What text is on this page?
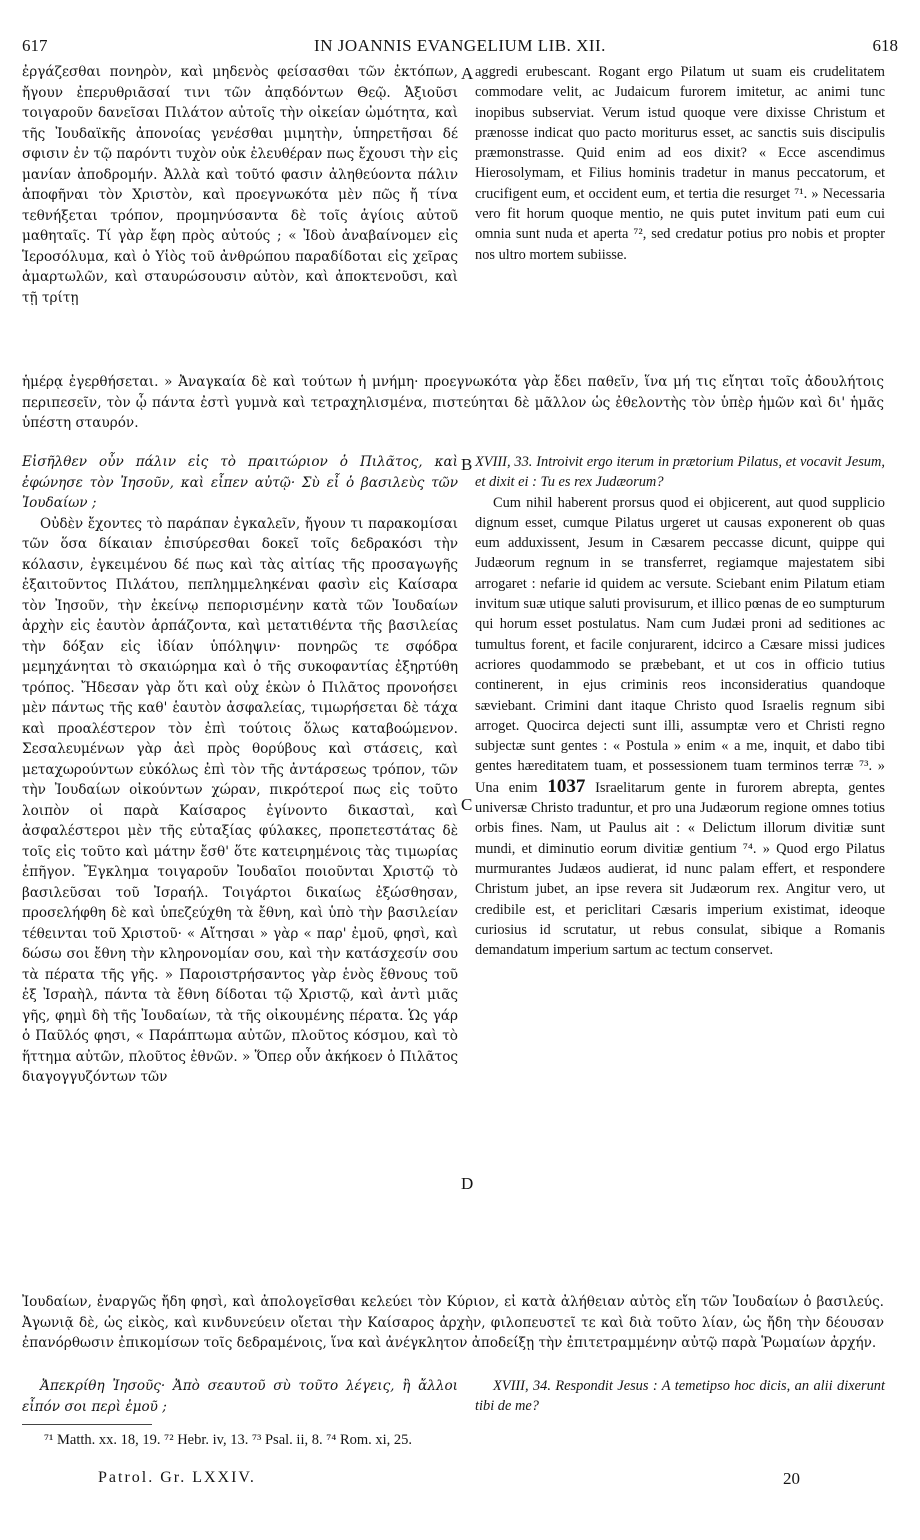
617	IN JOANNIS EVANGELIUM LIB. XII.	618

ἐργάζεσθαι πονηρὸν, καὶ μηδενὸς φείσασθαι τῶν ἐκτόπων, ἤγουν ἐπερυθριᾶσαί τινι τῶν ἀπᾳδόντων Θεῷ. Ἀξιοῦσι τοιγαροῦν δανεῖσαι Πιλάτον αὐτοῖς τὴν οἰκείαν ὠμότητα, καὶ τῆς Ἰουδαϊκῆς ἀπονοίας γενέσθαι μιμητὴν, ὑπηρετῆσαι δέ σφισιν ἐν τῷ παρόντι τυχὸν οὐκ ἐλευθέραν πως ἔχουσι τὴν εἰς μανίαν ἀποδρομήν. Ἀλλὰ καὶ τοῦτό φασιν ἀληθεύοντα πάλιν ἀποφῆναι τὸν Χριστὸν, καὶ προεγνωκότα μὲν πῶς ἤ τίνα τεθνήξεται τρόπον, προμηνύσαντα δὲ τοῖς ἁγίοις αὐτοῦ μαθηταῖς. Τί γὰρ ἔφη πρὸς αὐτούς ; « Ἰδοὺ ἀναβαίνομεν εἰς Ἱεροσόλυμα, καὶ ὁ Υἱὸς τοῦ ἀνθρώπου παραδίδοται εἰς χεῖρας ἁμαρτωλῶν, καὶ σταυρώσουσιν αὐτὸν, καὶ ἀποκτενοῦσι, καὶ τῇ τρίτῃ

aggredi erubescant. Rogant ergo Pilatum ut suam eis crudelitatem commodare velit, ac Judaicum furorem imitetur, ac animi tunc inopibus subserviat. Verum istud quoque vere dixisse Christum et prænosse indicat quo pacto moriturus esset, ac sanctis suis discipulis præmonstrasse. Quid enim ad eos dixit? « Ecce ascendimus Hierosolymam, et Filius hominis tradetur in manus peccatorum, et crucifigent eum, et occident eum, et tertia die resurget ⁷¹. » Necessaria vero fit horum quoque mentio, ne quis putet invitum pati eum cui omnia sunt nuda et aperta ⁷², sed credatur potius pro nobis et propter nos ultro mortem subiisse.

A

ἡμέρᾳ ἐγερθήσεται. » Ἀναγκαία δὲ καὶ τούτων ἡ μνήμη· προεγνωκότα γὰρ ἔδει παθεῖν, ἵνα μή τις εἴηται τοῖς ἀδουλήτοις περιπεσεῖν, τὸν ᾧ πάντα ἐστὶ γυμνὰ καὶ τετραχηλισμένα, πιστεύηται δὲ μᾶλλον ὡς ἐθελοντὴς τὸν ὑπὲρ ἡμῶν καὶ δι' ἡμᾶς ὑπέστη σταυρόν.

Εἰσῆλθεν οὖν πάλιν εἰς τὸ πραιτώριον ὁ Πιλᾶτος, καὶ ἐφώνησε τὸν Ἰησοῦν, καὶ εἶπεν αὐτῷ· Σὺ εἶ ὁ βασιλεὺς τῶν Ἰουδαίων ;

Οὐδὲν ἔχοντες τὸ παράπαν ἐγκαλεῖν, ἤγουν τι παρακομίσαι τῶν ὅσα δίκαιαν ἐπισύρεσθαι δοκεῖ τοῖς δεδρακόσι τὴν κόλασιν, ἐγκειμένου δέ πως καὶ τὰς αἰτίας τῆς προσαγωγῆς ἐξαιτοῦντος Πιλάτου, πεπλημμεληκέναι φασὶν εἰς Καίσαρα τὸν Ἰησοῦν, τὴν ἐκείνῳ πεπορισμένην κατὰ τῶν Ἰουδαίων ἀρχὴν εἰς ἑαυτὸν ἁρπάζοντα, καὶ μετατιθέντα τῆς βασιλείας τὴν δόξαν εἰς ἰδίαν ὑπόληψιν· πονηρῶς τε σφόδρα μεμηχάνηται τὸ σκαιώρημα καὶ ὁ τῆς συκοφαντίας ἐξηρτύθη τρόπος. Ἤδεσαν γὰρ ὅτι καὶ οὐχ ἑκὼν ὁ Πιλᾶτος προνοήσει μὲν πάντως τῆς καθ' ἑαυτὸν ἀσφαλείας, τιμωρήσεται δὲ τάχα καὶ προαλέστερον τὸν ἐπὶ τούτοις ὅλως καταβοώμενον. Σεσαλευμένων γὰρ ἀεὶ πρὸς θορύβους καὶ στάσεις, καὶ μεταχωρούντων εὐκόλως ἐπὶ τὸν τῆς ἀντάρσεως τρόπον, τῶν τὴν Ἰουδαίων οἰκούντων χώραν, πικρότεροί πως εἰς τοῦτο λοιπὸν οἱ παρὰ Καίσαρος ἐγίνοντο δικασταὶ, καὶ ἀσφαλέστεροι μὲν τῆς εὐταξίας φύλακες, προπετεστάτας δὲ τοῖς εἰς τοῦτο καὶ μάτην ἔσθ' ὅτε κατειρημένοις τὰς τιμωρίας ἐπῆγον. Ἔγκλημα τοιγαροῦν Ἰουδαῖοι ποιοῦνται Χριστῷ τὸ βασιλεῦσαι τοῦ Ἰσραήλ. Τοιγάρτοι δικαίως ἐξώσθησαν, προσελήφθη δὲ καὶ ὑπεζεύχθη τὰ ἔθνη, καὶ ὑπὸ τὴν βασιλείαν τέθεινται τοῦ Χριστοῦ· « Αἴτησαι » γὰρ « παρ' ἐμοῦ, φησὶ, καὶ δώσω σοι ἔθνη τὴν κληρονομίαν σου, καὶ τὴν κατάσχεσίν σου τὰ πέρατα τῆς γῆς. » Παροιστρήσαντος γὰρ ἑνὸς ἔθνους τοῦ ἐξ Ἰσραὴλ, πάντα τὰ ἔθνη δίδοται τῷ Χριστῷ, καὶ ἀντὶ μιᾶς γῆς, φημὶ δὴ τῆς Ἰουδαίων, τὰ τῆς οἰκουμένης πέρατα. Ὡς γάρ ὁ Παῦλός φησι, « Παράπτωμα αὐτῶν, πλοῦτος κόσμου, καὶ τὸ ἥττημα αὐτῶν, πλοῦτος ἐθνῶν. » Ὅπερ οὖν ἀκήκοεν ὁ Πιλᾶτος διαγογγυζόντων τῶν

XVIII, 33. Introivit ergo iterum in prætorium Pilatus, et vocavit Jesum, et dixit ei : Tu es rex Judæorum?

Cum nihil haberent prorsus quod ei objicerent, aut quod supplicio dignum esset, cumque Pilatus urgeret ut causas exponerent ob quas eum adduxissent, Jesum in Cæsarem peccasse dicunt, quippe qui Judæorum regnum in se transferret, regiamque majestatem sibi arrogaret : nefarie id quidem ac versute. Sciebant enim Pilatum etiam invitum suæ utique saluti provisurum, et illico pœnas de eo sumpturum qui horum esset postulatus. Nam cum Judæi proni ad seditiones ac tumultus forent, et facile conjurarent, idcirco a Cæsare missi judices acriores quodammodo se præbebant, et ut cos in officio tutius continerent, in ejus criminis reos inconsideratius quandoque sæviebant. Crimini dant itaque Christo quod Israelis regnum sibi arroget. Quocirca dejecti sunt illi, assumptæ vero et Christi regno subjectæ sunt gentes : « Postula » enim « a me, inquit, et dabo tibi gentes hæreditatem tuam, et possessionem tuam terminos terræ ⁷³. » Una enim 1037 Israelitarum gente in furorem abrepta, gentes universæ Christo traduntur, et pro una Judæorum regione omnes totius orbis fines. Nam, ut Paulus ait : « Delictum illorum divitiæ sunt mundi, et diminutio eorum divitiæ gentium ⁷⁴. » Quod ergo Pilatus murmurantes Judæos audierat, id nunc palam effert, et respondere Christum jubet, an ipse revera sit Judæorum rex. Angitur vero, ut credibile est, et periclitari Cæsaris imperium existimat, ideoque curiosius id scrutatur, ut rebus consulat, sibique a Romanis demandatum imperium sartum ac tectum conservet.

B
C
D

Ἰουδαίων, ἐναργῶς ἤδη φησὶ, καὶ ἀπολογεῖσθαι κελεύει τὸν Κύριον, εἰ κατὰ ἀλήθειαν αὐτὸς εἴη τῶν Ἰουδαίων ὁ βασιλεύς. Ἀγωνιᾷ δὲ, ὡς εἰκὸς, καὶ κινδυνεύειν οἴεται τὴν Καίσαρος ἀρχὴν, φιλοπευστεῖ τε καὶ διὰ τοῦτο λίαν, ὡς ἤδη τὴν δέουσαν ἐπανόρθωσιν ἐπικομίσων τοῖς δεδραμένοις, ἵνα καὶ ἀνέγκλητον ἀποδείξῃ τὴν ἐπιτετραμμένην αὐτῷ παρὰ Ῥωμαίων ἀρχήν.

Ἀπεκρίθη Ἰησοῦς· Ἀπὸ σεαυτοῦ σὺ τοῦτο λέγεις, ἢ ἄλλοι εἶπόν σοι περὶ ἐμοῦ ;

XVIII, 34. Respondit Jesus : A temetipso hoc dicis, an alii dixerunt tibi de me?

⁷¹ Matth. xx. 18, 19. ⁷² Hebr. iv, 13. ⁷³ Psal. ii, 8. ⁷⁴ Rom. xi, 25.
Patrol. Gr. LXXIV.	20
